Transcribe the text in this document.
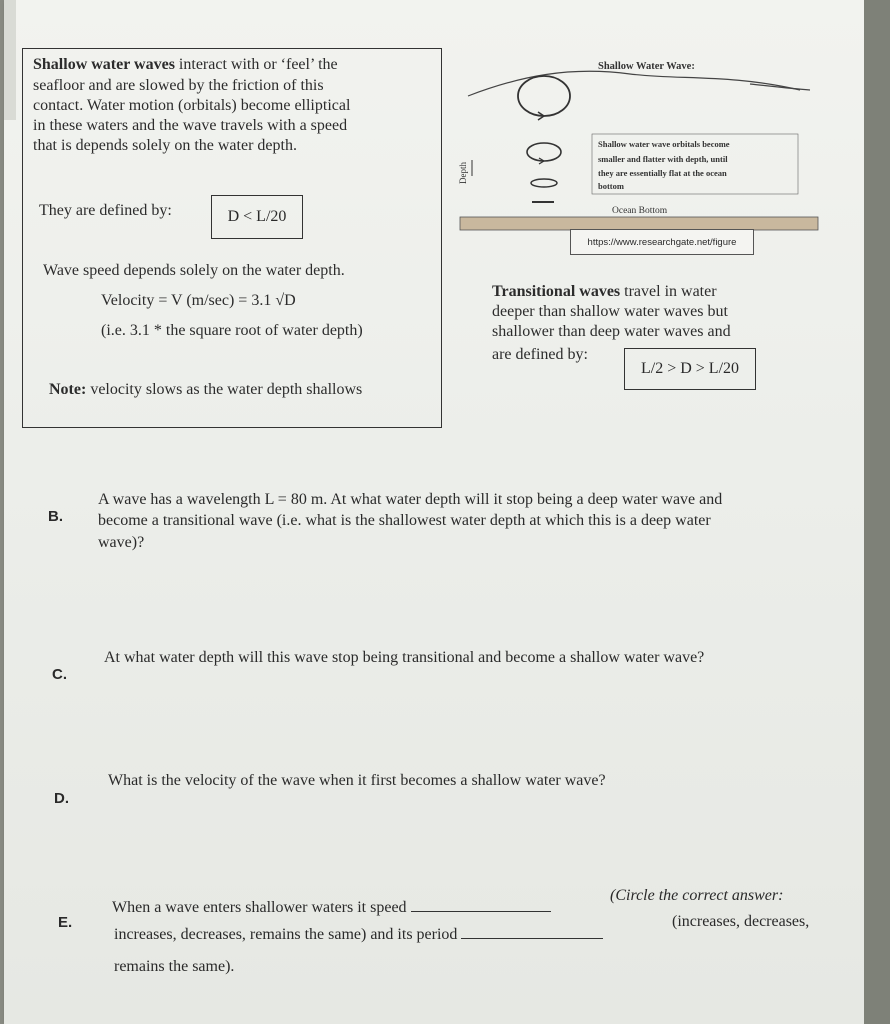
Shallow water waves interact with or ‘feel’ the
seafloor and are slowed by the friction of this
contact. Water motion (orbitals) become elliptical
in these waters and the wave travels with a speed
that is depends solely on the water depth.
They are defined by:	D < L/20
Wave speed depends solely on the water depth.
Velocity = V (m/sec) = 3.1 √D
(i.e. 3.1 * the square root of water depth)
Note: velocity slows as the water depth shallows
Depth
Shallow Water Wave:
Shallow water wave orbitals become
smaller and flatter with depth, until
they are essentially flat at the ocean
bottom
Ocean Bottom
https://www.researchgate.net/figure
Transitional waves travel in water
deeper than shallow water waves but
shallower than deep water waves and
are defined by:
L/2 > D > L/20
B.
A wave has a wavelength L = 80 m. At what water depth will it stop being a deep water wave and
become a transitional wave (i.e. what is the shallowest water depth at which this is a deep water
wave)?
C.
At what water depth will this wave stop being transitional and become a shallow water wave?
D.
What is the velocity of the wave when it first becomes a shallow water wave?
E.
When a wave enters shallower waters it speed
(Circle the correct answer:
increases, decreases, remains the same) and its period
(increases, decreases,
remains the same).
